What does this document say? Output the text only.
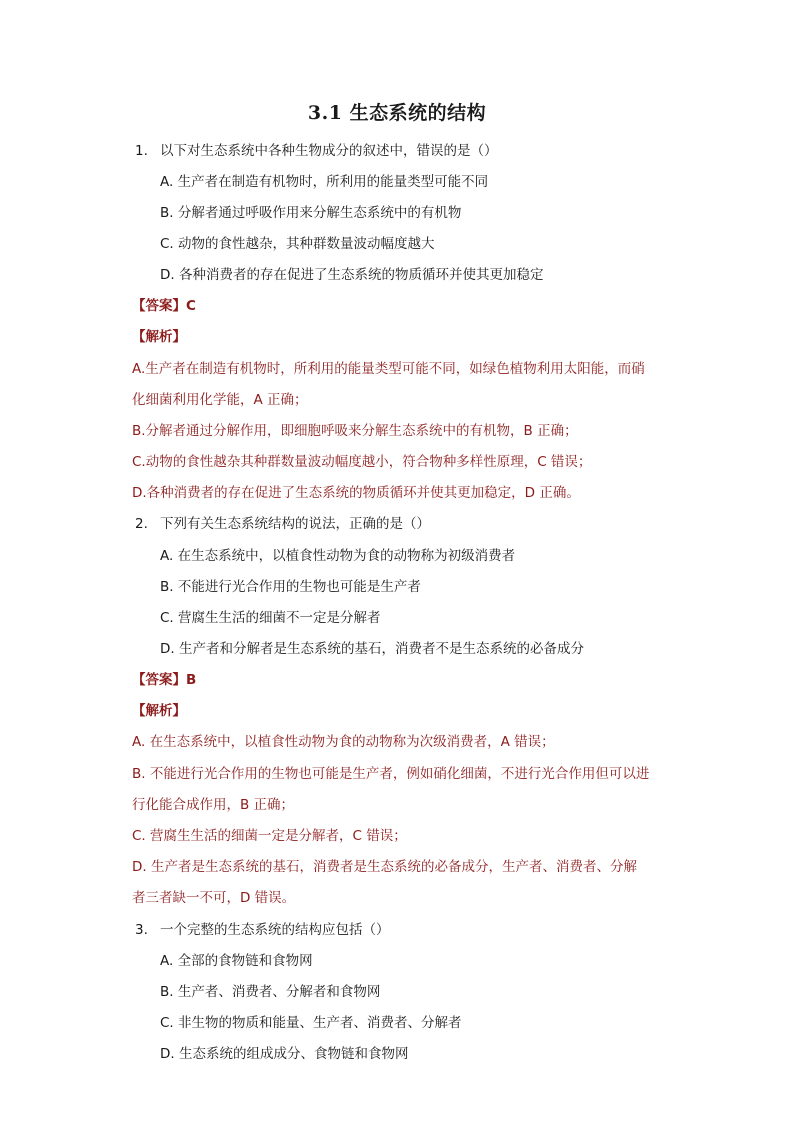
3.1 生态系统的结构
1. 以下对生态系统中各种生物成分的叙述中，错误的是（）
A. 生产者在制造有机物时，所利用的能量类型可能不同
B. 分解者通过呼吸作用来分解生态系统中的有机物
C. 动物的食性越杂，其种群数量波动幅度越大
D. 各种消费者的存在促进了生态系统的物质循环并使其更加稳定
【答案】C
【解析】
A.生产者在制造有机物时，所利用的能量类型可能不同，如绿色植物利用太阳能，而硝
化细菌利用化学能，A 正确；
B.分解者通过分解作用，即细胞呼吸来分解生态系统中的有机物，B 正确；
C.动物的食性越杂其种群数量波动幅度越小，符合物种多样性原理，C 错误；
D.各种消费者的存在促进了生态系统的物质循环并使其更加稳定，D 正确。
2. 下列有关生态系统结构的说法，正确的是（）
A. 在生态系统中，以植食性动物为食的动物称为初级消费者
B. 不能进行光合作用的生物也可能是生产者
C. 营腐生生活的细菌不一定是分解者
D. 生产者和分解者是生态系统的基石，消费者不是生态系统的必备成分
【答案】B
【解析】
A. 在生态系统中，以植食性动物为食的动物称为次级消费者，A 错误；
B. 不能进行光合作用的生物也可能是生产者，例如硝化细菌，不进行光合作用但可以进
行化能合成作用，B 正确；
C. 营腐生生活的细菌一定是分解者，C 错误；
D. 生产者是生态系统的基石，消费者是生态系统的必备成分，生产者、消费者、分解
者三者缺一不可，D 错误。
3. 一个完整的生态系统的结构应包括（）
A. 全部的食物链和食物网
B. 生产者、消费者、分解者和食物网
C. 非生物的物质和能量、生产者、消费者、分解者
D. 生态系统的组成成分、食物链和食物网
